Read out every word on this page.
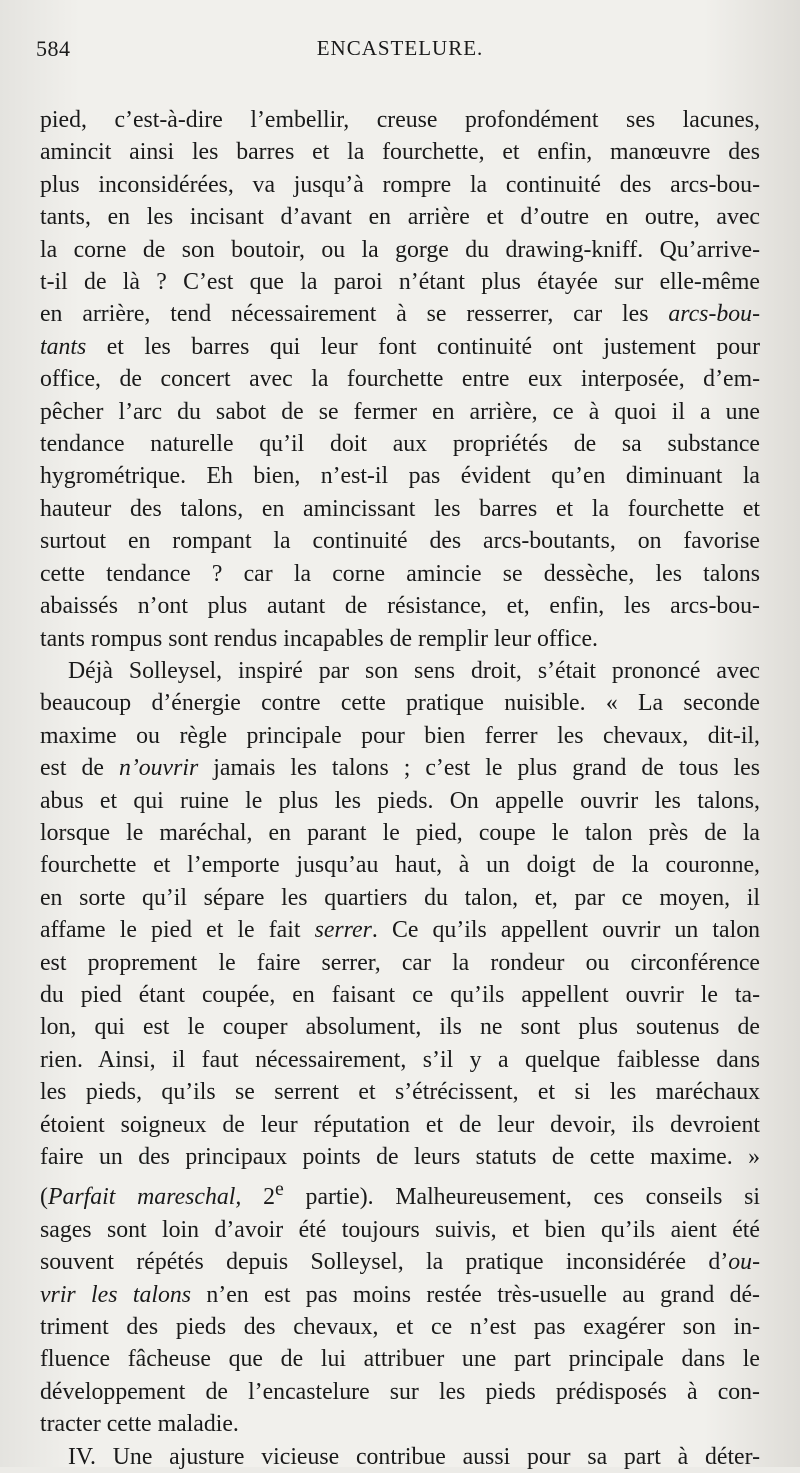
584	ENCASTELURE.

pied, c’est-à-dire l’embellir, creuse profondément ses lacunes,
amincit ainsi les barres et la fourchette, et enfin, manœuvre des
plus inconsidérées, va jusqu’à rompre la continuité des arcs-bou-
tants, en les incisant d’avant en arrière et d’outre en outre, avec
la corne de son boutoir, ou la gorge du drawing-kniff. Qu’arrive-
t-il de là ? C’est que la paroi n’étant plus étayée sur elle-même
en arrière, tend nécessairement à se resserrer, car les arcs-bou-
tants et les barres qui leur font continuité ont justement pour
office, de concert avec la fourchette entre eux interposée, d’em-
pêcher l’arc du sabot de se fermer en arrière, ce à quoi il a une
tendance naturelle qu’il doit aux propriétés de sa substance
hygrométrique. Eh bien, n’est-il pas évident qu’en diminuant la
hauteur des talons, en amincissant les barres et la fourchette et
surtout en rompant la continuité des arcs-boutants, on favorise
cette tendance ? car la corne amincie se dessèche, les talons
abaissés n’ont plus autant de résistance, et, enfin, les arcs-bou-
tants rompus sont rendus incapables de remplir leur office.

Déjà Solleysel, inspiré par son sens droit, s’était prononcé avec
beaucoup d’énergie contre cette pratique nuisible. « La seconde
maxime ou règle principale pour bien ferrer les chevaux, dit-il,
est de n’ouvrir jamais les talons ; c’est le plus grand de tous les
abus et qui ruine le plus les pieds. On appelle ouvrir les talons,
lorsque le maréchal, en parant le pied, coupe le talon près de la
fourchette et l’emporte jusqu’au haut, à un doigt de la couronne,
en sorte qu’il sépare les quartiers du talon, et, par ce moyen, il
affame le pied et le fait serrer. Ce qu’ils appellent ouvrir un talon
est proprement le faire serrer, car la rondeur ou circonférence
du pied étant coupée, en faisant ce qu’ils appellent ouvrir le ta-
lon, qui est le couper absolument, ils ne sont plus soutenus de
rien. Ainsi, il faut nécessairement, s’il y a quelque faiblesse dans
les pieds, qu’ils se serrent et s’étrécissent, et si les maréchaux
étoient soigneux de leur réputation et de leur devoir, ils devroient
faire un des principaux points de leurs statuts de cette maxime. »
(Parfait mareschal, 2e partie). Malheureusement, ces conseils si
sages sont loin d’avoir été toujours suivis, et bien qu’ils aient été
souvent répétés depuis Solleysel, la pratique inconsidérée d’ou-
vrir les talons n’en est pas moins restée très-usuelle au grand dé-
triment des pieds des chevaux, et ce n’est pas exagérer son in-
fluence fâcheuse que de lui attribuer une part principale dans le
développement de l’encastelure sur les pieds prédisposés à con-
tracter cette maladie.

IV. Une ajusture vicieuse contribue aussi pour sa part à déter-
